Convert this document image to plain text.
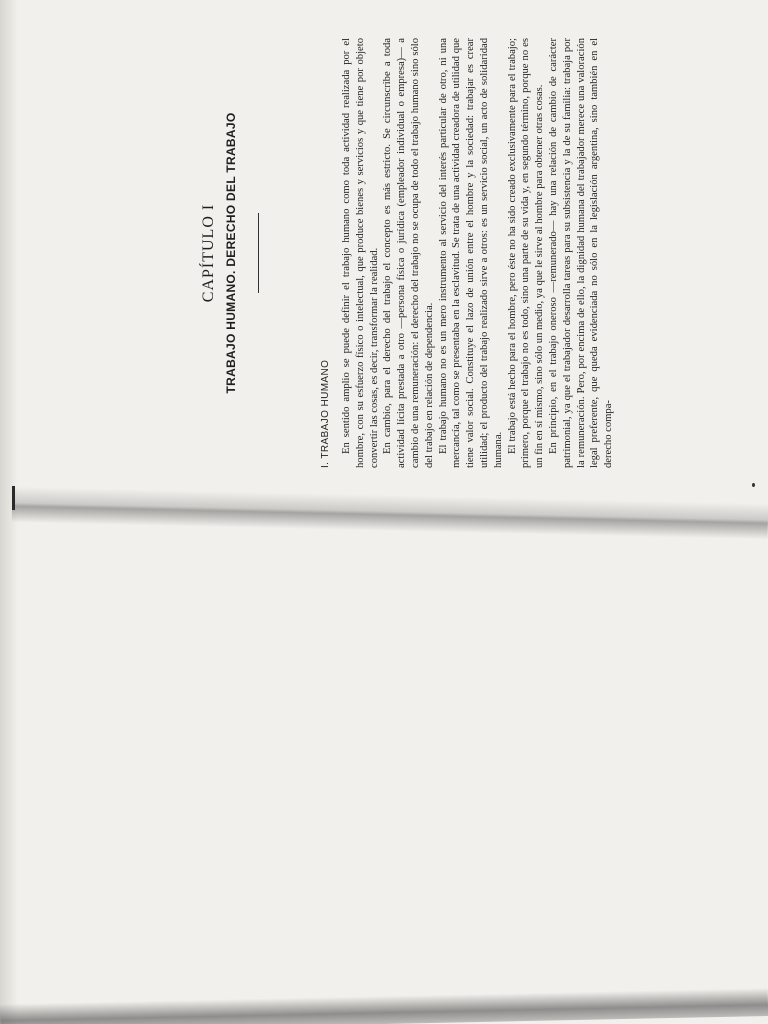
CAPÍTULO I TRABAJO HUMANO. DERECHO DEL TRABAJO
I. TRABAJO HUMANO En sentido amplio se puede definir el trabajo humano como toda actividad realizada por el hombre, con su esfuerzo físico o intelectual, que produce bienes y servicios y que tiene por objeto convertir las cosas, es decir, transformar la realidad. En cambio, para el derecho del trabajo el concepto es más estricto. Se circunscribe a toda actividad lícita prestada a otro —persona física o jurídica (empleador individual o empresa)— a cambio de una remuneración: el derecho del trabajo no se ocupa de todo el trabajo humano sino sólo del trabajo en relación de dependencia. El trabajo humano no es un mero instrumento al servicio del interés particular de otro, ni una mercancía, tal como se presentaba en la esclavitud. Se trata de una actividad creadora de utilidad que tiene valor social. Constituye el lazo de unión entre el hombre y la sociedad: trabajar es crear utilidad; el producto del trabajo realizado sirve a otros: es un servicio social, un acto de solidaridad humana. El trabajo está hecho para el hombre, pero éste no ha sido creado exclusivamente para el trabajo; primero, porque el trabajo no es todo, sino una parte de su vida y, en segundo término, porque no es un fin en sí mismo, sino sólo un medio, ya que le sirve al hombre para obtener otras cosas. En principio, en el trabajo oneroso —remunerado— hay una relación de cambio de carácter patrimonial, ya que el trabajador desarrolla tareas para su subsistencia y la de su familia: trabaja por la remuneración. Pero, por encima de ello, la dignidad humana del trabajador merece una valoración legal preferente, que queda evidenciada no sólo en la legislación argentina, sino también en el derecho compa-
